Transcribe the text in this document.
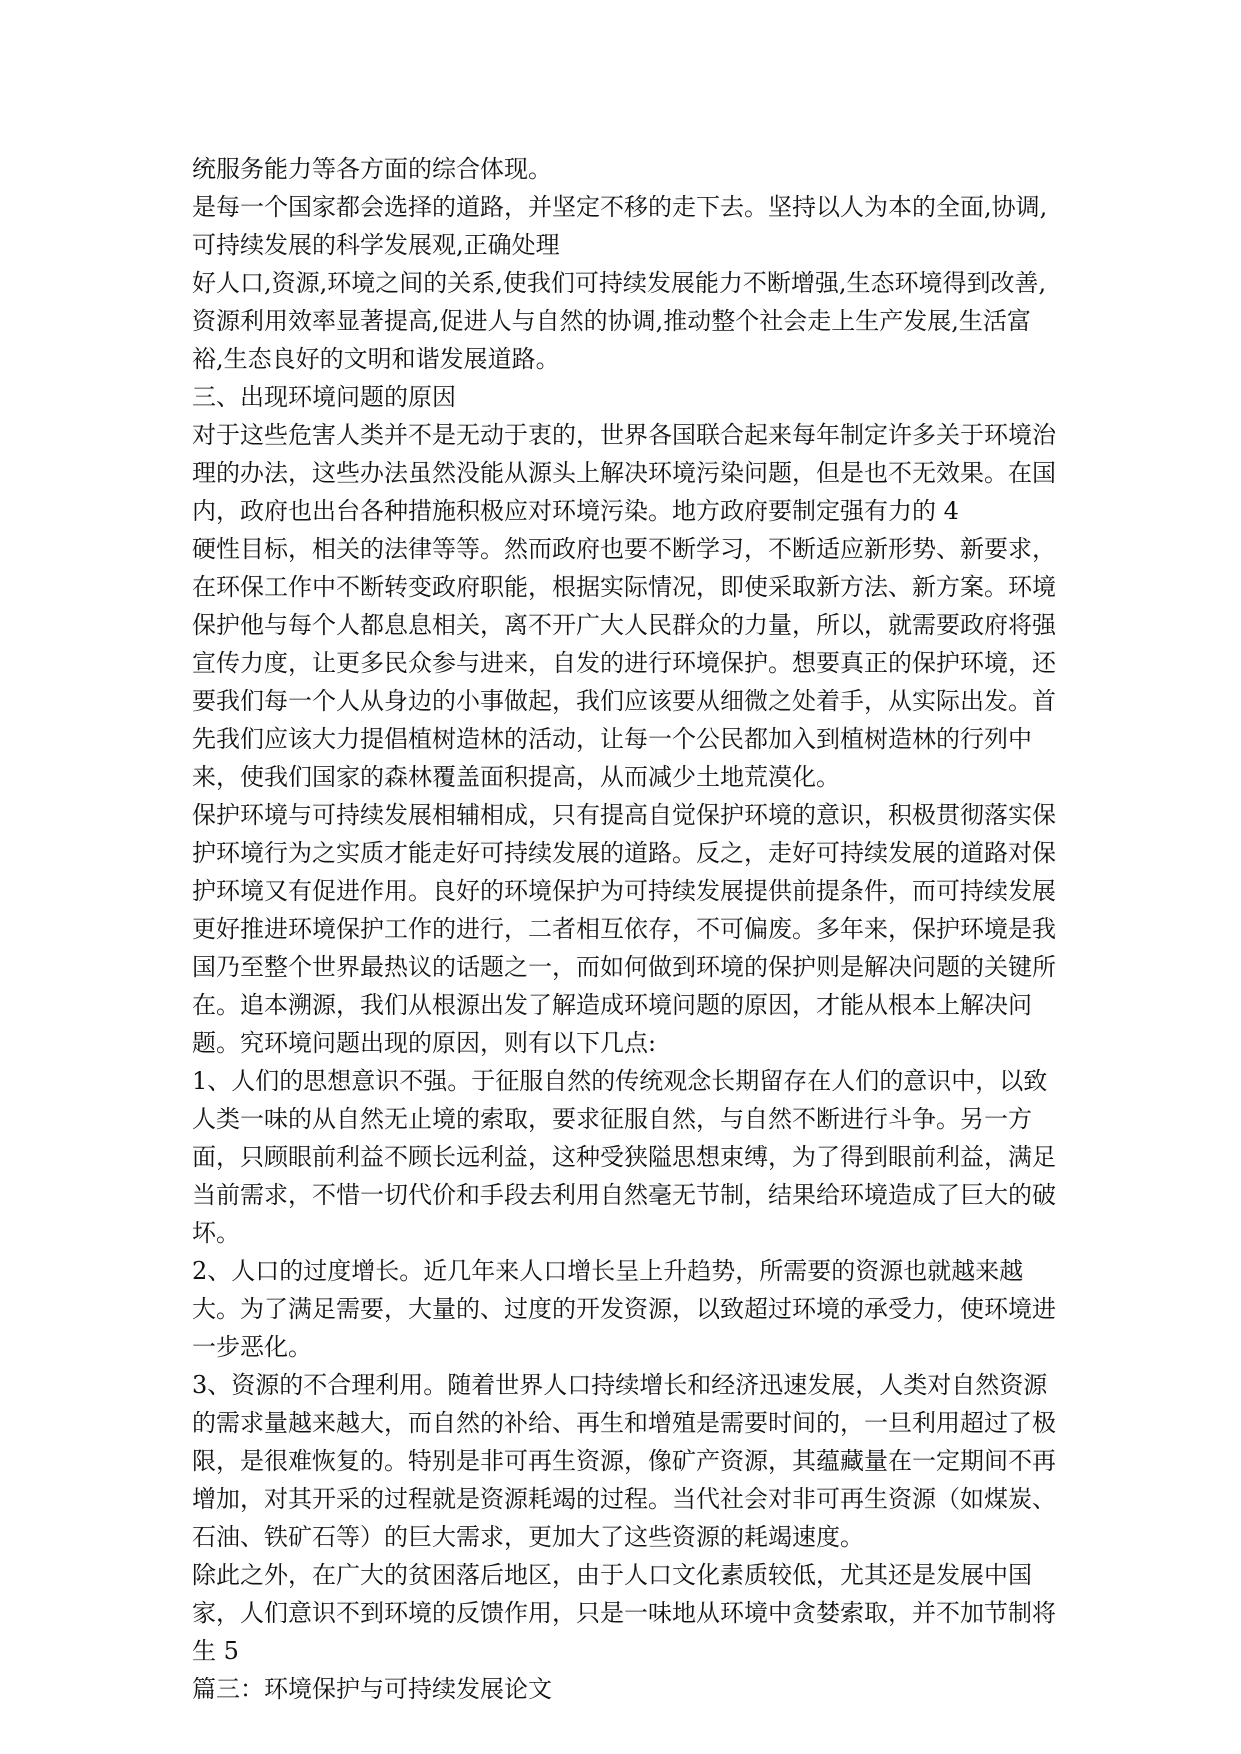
统服务能力等各方面的综合体现。

是每一个国家都会选择的道路，并坚定不移的走下去。坚持以人为本的全面,协调,可持续发展的科学发展观,正确处理

好人口,资源,环境之间的关系,使我们可持续发展能力不断增强,生态环境得到改善,资源利用效率显著提高,促进人与自然的协调,推动整个社会走上生产发展,生活富裕,生态良好的文明和谐发展道路。

三、出现环境问题的原因

对于这些危害人类并不是无动于衷的，世界各国联合起来每年制定许多关于环境治理的办法，这些办法虽然没能从源头上解决环境污染问题，但是也不无效果。在国内，政府也出台各种措施积极应对环境污染。地方政府要制定强有力的 4

硬性目标，相关的法律等等。然而政府也要不断学习，不断适应新形势、新要求，在环保工作中不断转变政府职能，根据实际情况，即使采取新方法、新方案。环境保护他与每个人都息息相关，离不开广大人民群众的力量，所以，就需要政府将强宣传力度，让更多民众参与进来，自发的进行环境保护。想要真正的保护环境，还要我们每一个人从身边的小事做起，我们应该要从细微之处着手，从实际出发。首先我们应该大力提倡植树造林的活动，让每一个公民都加入到植树造林的行列中来，使我们国家的森林覆盖面积提高，从而减少土地荒漠化。

保护环境与可持续发展相辅相成，只有提高自觉保护环境的意识，积极贯彻落实保护环境行为之实质才能走好可持续发展的道路。反之，走好可持续发展的道路对保护环境又有促进作用。良好的环境保护为可持续发展提供前提条件，而可持续发展更好推进环境保护工作的进行，二者相互依存，不可偏废。多年来，保护环境是我国乃至整个世界最热议的话题之一，而如何做到环境的保护则是解决问题的关键所在。追本溯源，我们从根源出发了解造成环境问题的原因，才能从根本上解决问题。究环境问题出现的原因，则有以下几点:

1、人们的思想意识不强。于征服自然的传统观念长期留存在人们的意识中，以致人类一味的从自然无止境的索取，要求征服自然，与自然不断进行斗争。另一方面，只顾眼前利益不顾长远利益，这种受狭隘思想束缚，为了得到眼前利益，满足当前需求，不惜一切代价和手段去利用自然毫无节制，结果给环境造成了巨大的破坏。

2、人口的过度增长。近几年来人口增长呈上升趋势，所需要的资源也就越来越大。为了满足需要，大量的、过度的开发资源，以致超过环境的承受力，使环境进一步恶化。

3、资源的不合理利用。随着世界人口持续增长和经济迅速发展，人类对自然资源的需求量越来越大，而自然的补给、再生和增殖是需要时间的，一旦利用超过了极限，是很难恢复的。特别是非可再生资源，像矿产资源，其蕴藏量在一定期间不再增加，对其开采的过程就是资源耗竭的过程。当代社会对非可再生资源（如煤炭、石油、铁矿石等）的巨大需求，更加大了这些资源的耗竭速度。

除此之外，在广大的贫困落后地区，由于人口文化素质较低，尤其还是发展中国家，人们意识不到环境的反馈作用，只是一味地从环境中贪婪索取，并不加节制将生 5

篇三：环境保护与可持续发展论文
